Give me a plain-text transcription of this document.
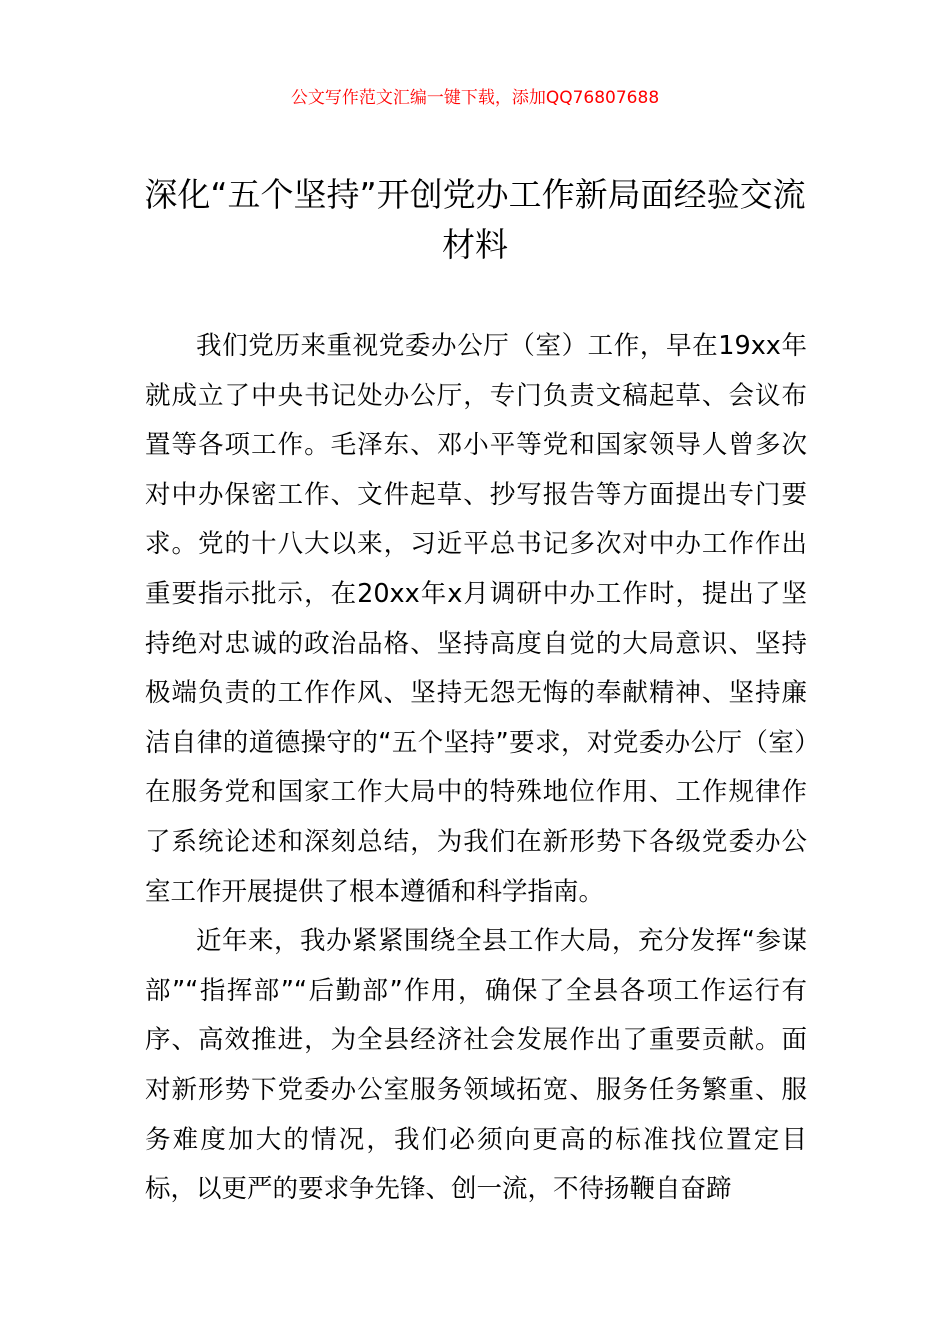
公文写作范文汇编一键下载，添加QQ76807688
深化“五个坚持”开创党办工作新局面经验交流材料

我们党历来重视党委办公厅（室）工作，早在19xx年就成立了中央书记处办公厅，专门负责文稿起草、会议布置等各项工作。毛泽东、邓小平等党和国家领导人曾多次对中办保密工作、文件起草、抄写报告等方面提出专门要求。党的十八大以来，习近平总书记多次对中办工作作出重要指示批示，在20xx年x月调研中办工作时，提出了坚持绝对忠诚的政治品格、坚持高度自觉的大局意识、坚持极端负责的工作作风、坚持无怨无悔的奉献精神、坚持廉洁自律的道德操守的“五个坚持”要求，对党委办公厅（室）在服务党和国家工作大局中的特殊地位作用、工作规律作了系统论述和深刻总结，为我们在新形势下各级党委办公室工作开展提供了根本遵循和科学指南。

近年来，我办紧紧围绕全县工作大局，充分发挥“参谋部”“指挥部”“后勤部”作用，确保了全县各项工作运行有序、高效推进，为全县经济社会发展作出了重要贡献。面对新形势下党委办公室服务领域拓宽、服务任务繁重、服务难度加大的情况，我们必须向更高的标准找位置定目标，以更严的要求争先锋、创一流，不待扬鞭自奋蹄
